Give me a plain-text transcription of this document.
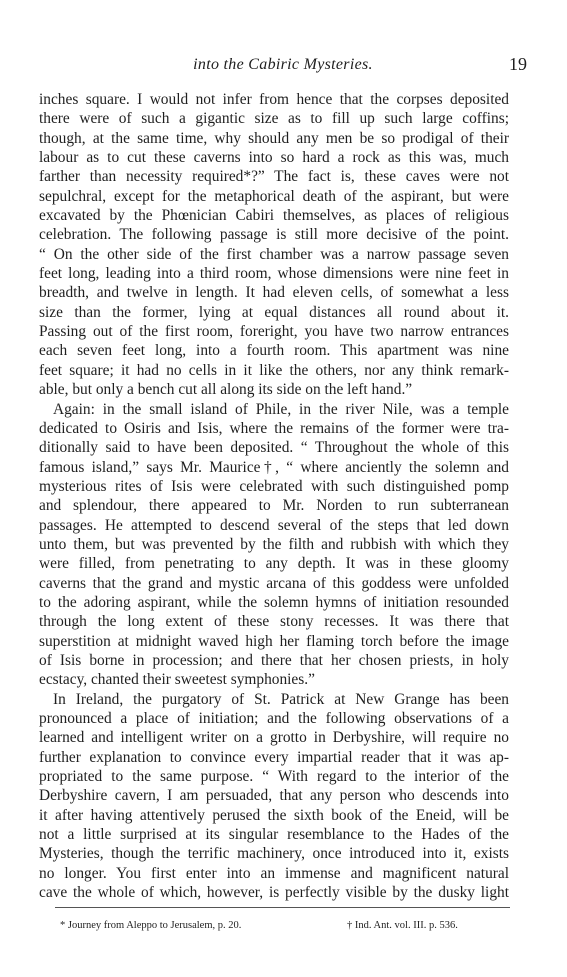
into the Cabiric Mysteries.	19
inches square. I would not infer from hence that the corpses deposited
there were of such a gigantic size as to fill up such large coffins;
though, at the same time, why should any men be so prodigal of their
labour as to cut these caverns into so hard a rock as this was, much
farther than necessity required*?” The fact is, these caves were not
sepulchral, except for the metaphorical death of the aspirant, but were
excavated by the Phœnician Cabiri themselves, as places of religious
celebration. The following passage is still more decisive of the point.
“ On the other side of the first chamber was a narrow passage seven
feet long, leading into a third room, whose dimensions were nine feet in
breadth, and twelve in length. It had eleven cells, of somewhat a less
size than the former, lying at equal distances all round about it.
Passing out of the first room, foreright, you have two narrow entrances
each seven feet long, into a fourth room. This apartment was nine
feet square; it had no cells in it like the others, nor any think remark-
able, but only a bench cut all along its side on the left hand.”
Again: in the small island of Phile, in the river Nile, was a temple
dedicated to Osiris and Isis, where the remains of the former were tra-
ditionally said to have been deposited. “ Throughout the whole of this
famous island,” says Mr. Maurice†, “ where anciently the solemn and
mysterious rites of Isis were celebrated with such distinguished pomp
and splendour, there appeared to Mr. Norden to run subterranean
passages. He attempted to descend several of the steps that led down
unto them, but was prevented by the filth and rubbish with which they
were filled, from penetrating to any depth. It was in these gloomy
caverns that the grand and mystic arcana of this goddess were unfolded
to the adoring aspirant, while the solemn hymns of initiation resounded
through the long extent of these stony recesses. It was there that
superstition at midnight waved high her flaming torch before the image
of Isis borne in procession; and there that her chosen priests, in holy
ecstacy, chanted their sweetest symphonies.”
In Ireland, the purgatory of St. Patrick at New Grange has been
pronounced a place of initiation; and the following observations of a
learned and intelligent writer on a grotto in Derbyshire, will require no
further explanation to convince every impartial reader that it was ap-
propriated to the same purpose. “ With regard to the interior of the
Derbyshire cavern, I am persuaded, that any person who descends into
it after having attentively perused the sixth book of the Eneid, will be
not a little surprised at its singular resemblance to the Hades of the
Mysteries, though the terrific machinery, once introduced into it, exists
no longer. You first enter into an immense and magnificent natural
cave the whole of which, however, is perfectly visible by the dusky light
* Journey from Aleppo to Jerusalem, p. 20.	† Ind. Ant. vol. III. p. 536.
